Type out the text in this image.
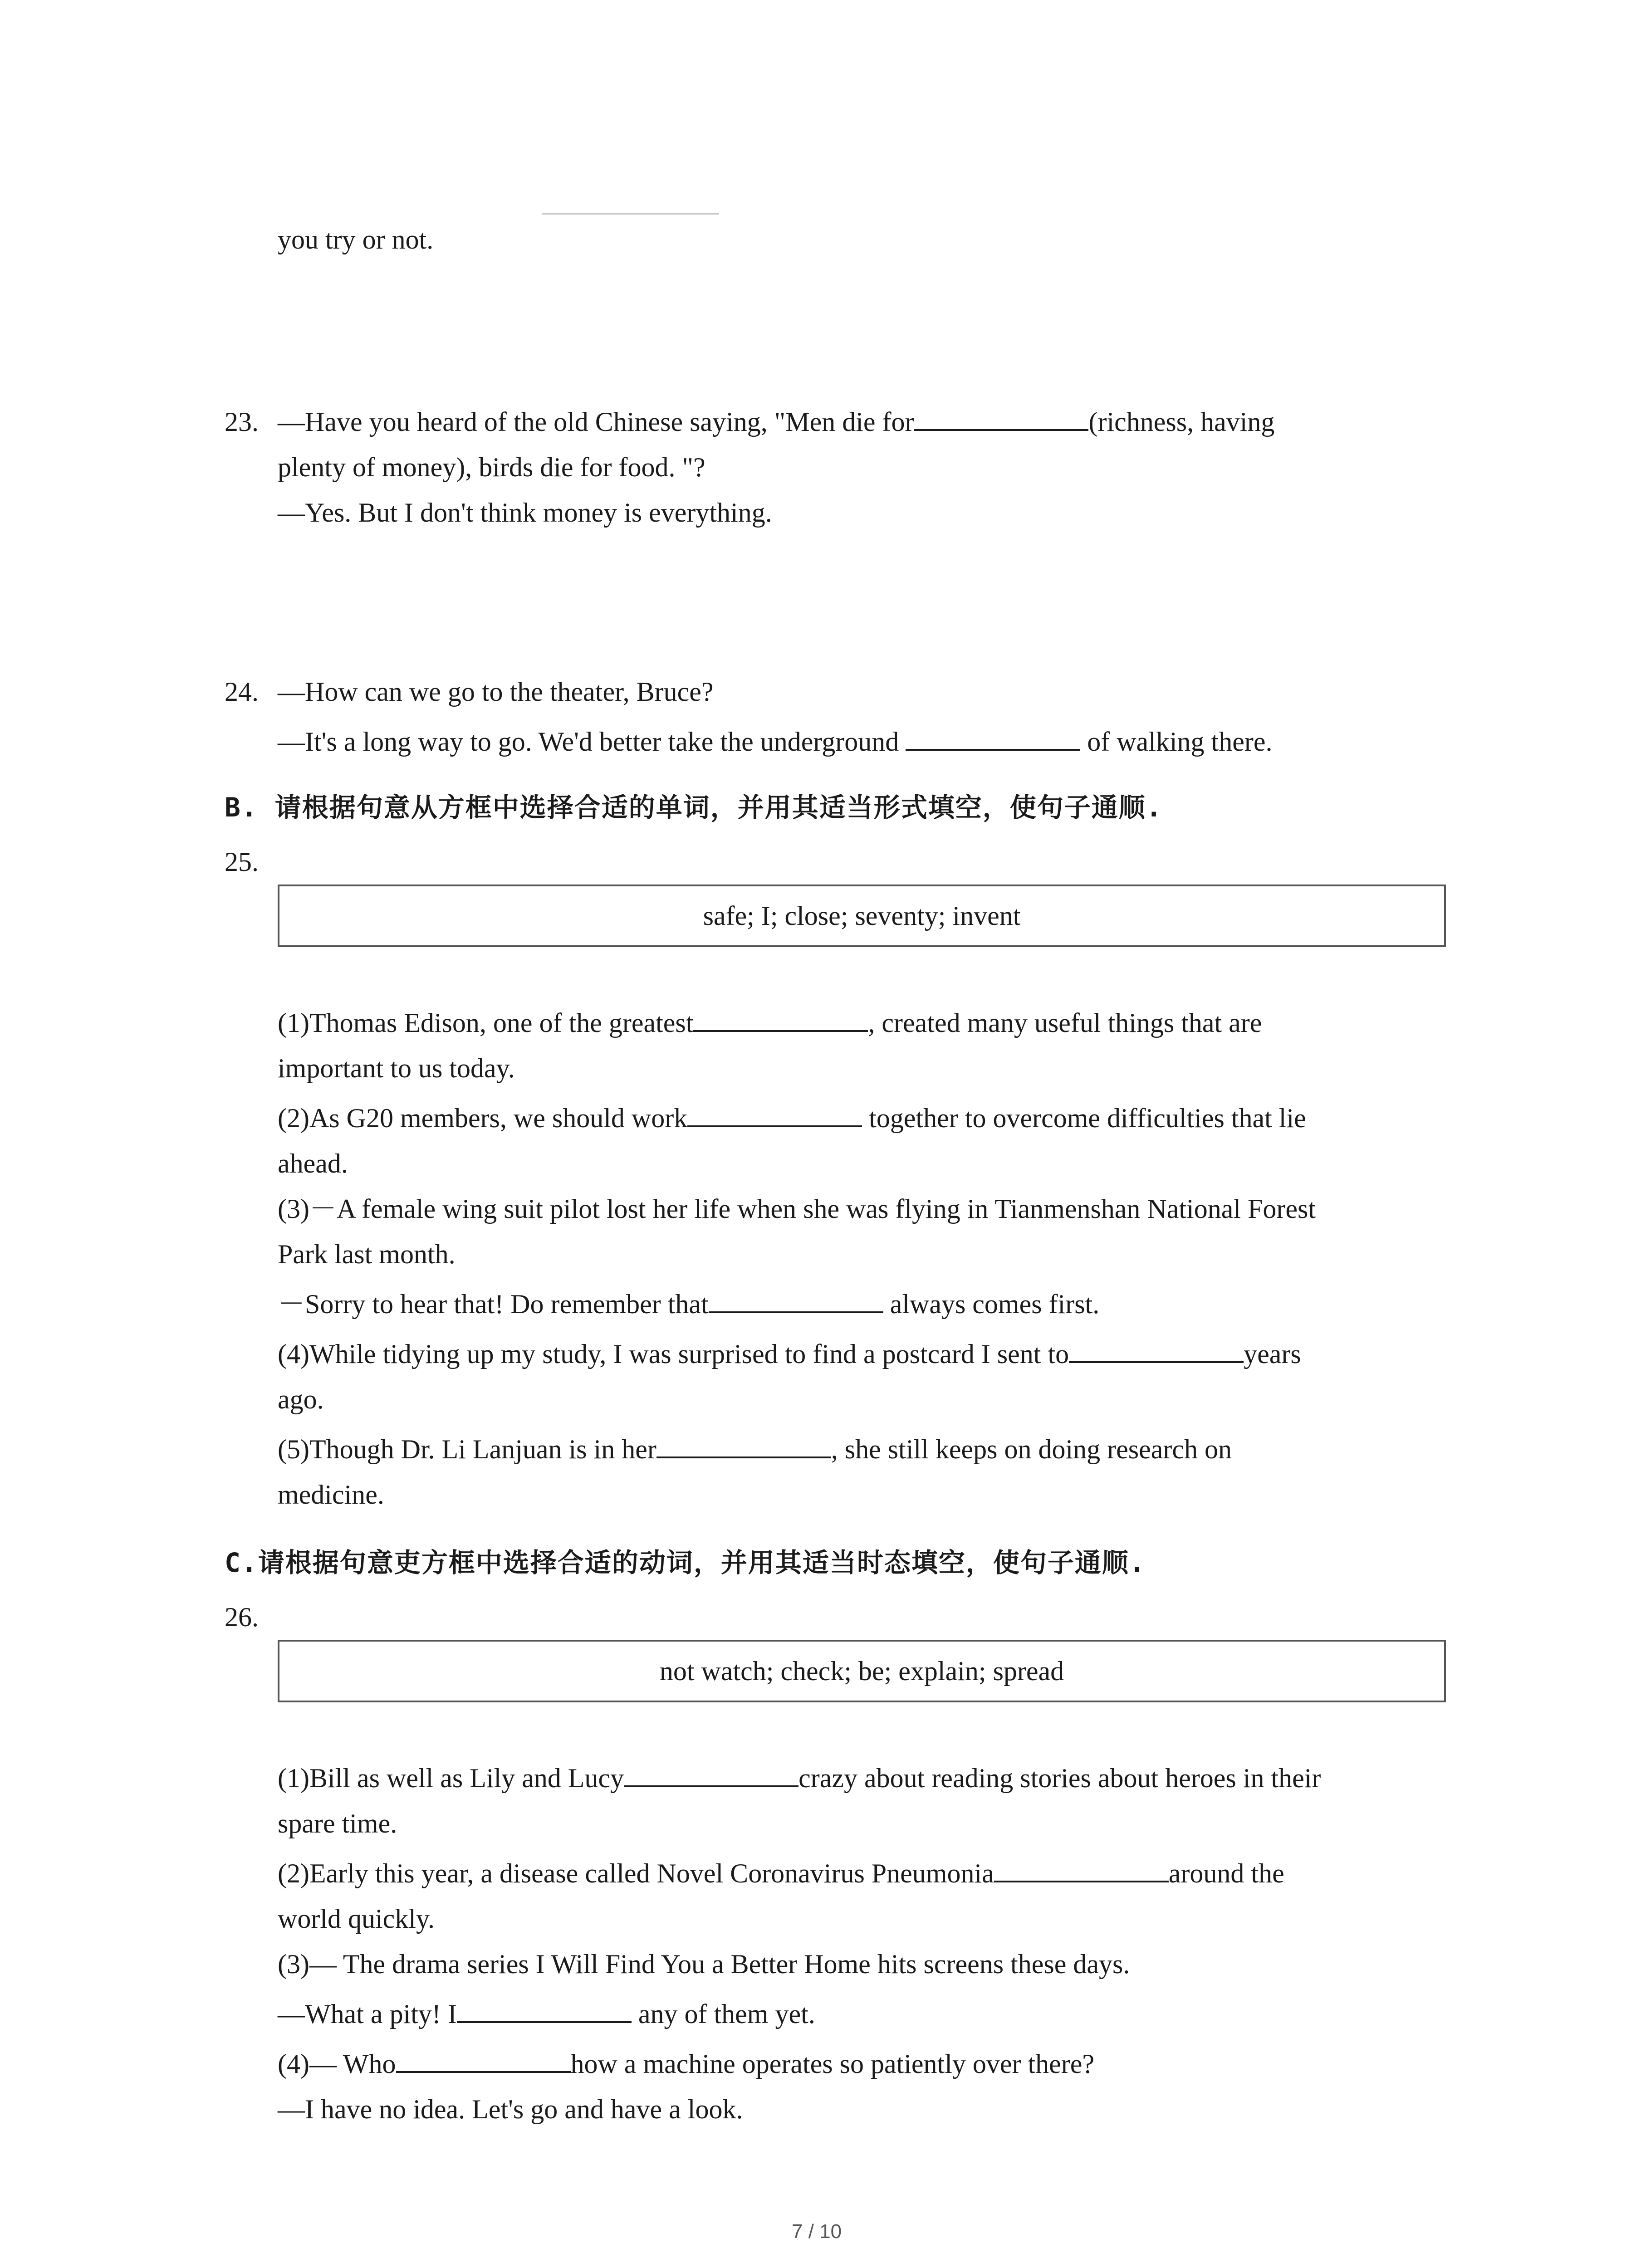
you try or not.
23. —Have you heard of the old Chinese saying, "Men die for	(richness, having
plenty of money), birds die for food. "?
—Yes. But I don't think money is everything.
24. —How can we go to the theater, Bruce?
—It's a long way to go. We'd better take the underground	of walking there.
B. 请根据句意从方框中选择合适的单词，并用其适当形式填空，使句子通顺.
25.
safe; I; close; seventy; invent
(1)Thomas Edison, one of the greatest	, created many useful things that are
important to us today.
(2)As G20 members, we should work	together to overcome difficulties that lie
ahead.
(3)－A female wing suit pilot lost her life when she was flying in Tianmenshan National Forest
Park last month.
－Sorry to hear that! Do remember that	always comes first.
(4)While tidying up my study, I was surprised to find a postcard I sent to	years
ago.
(5)Though Dr. Li Lanjuan is in her	, she still keeps on doing research on
medicine.
C.请根据句意吏方框中选择合适的动词，并用其适当时态填空，使句子通顺.
26.
not watch; check; be; explain; spread
(1)Bill as well as Lily and Lucy	crazy about reading stories about heroes in their
spare time.
(2)Early this year, a disease called Novel Coronavirus Pneumonia	around the
world quickly.
(3)— The drama series I Will Find You a Better Home hits screens these days.
—What a pity! I	any of them yet.
(4)— Who	how a machine operates so patiently over there?
—I have no idea. Let's go and have a look.
7 / 10
